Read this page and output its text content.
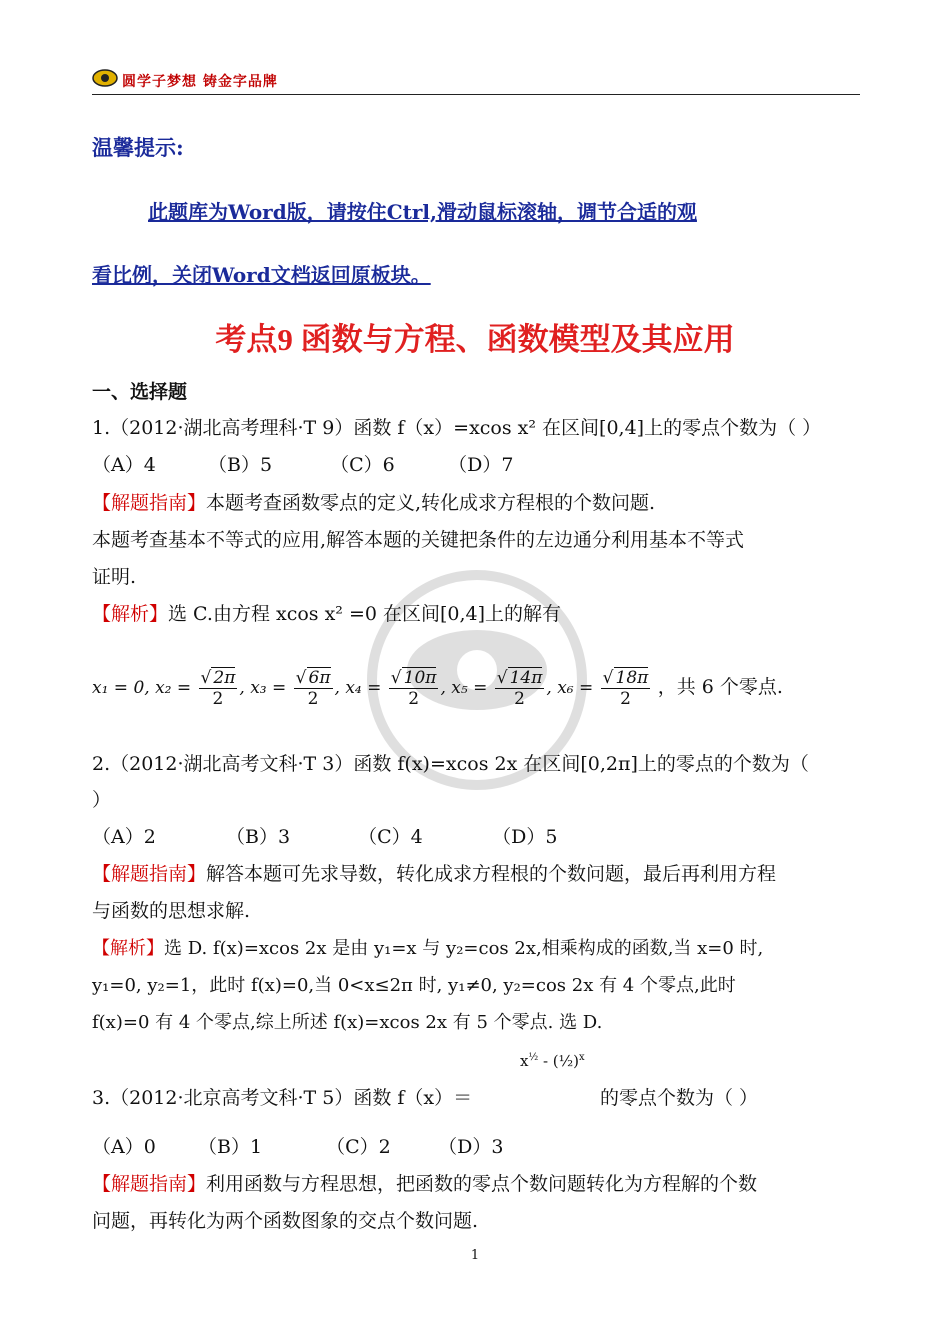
圆学子梦想 铸金字品牌
温馨提示:
此题库为Word版，请按住Ctrl,滑动鼠标滚轴，调节合适的观
看比例，关闭Word文档返回原板块。
考点9 函数与方程、函数模型及其应用
一、选择题
1.（2012·湖北高考理科·T 9）函数 f（x）=xcos x² 在区间[0,4]上的零点个数为（ ）
（A）4	（B）5	（C）6	（D）7
【解题指南】本题考查函数零点的定义,转化成求方程根的个数问题.
本题考查基本不等式的应用,解答本题的关键把条件的左边通分利用基本不等式
证明.
【解析】选 C.由方程 xcos x² =0 在区间[0,4]上的解有
x₁ = 0, $x_2 = \frac{√ 2\pi}{2}$ , $x_3 = \frac{√ 6\pi}{2}$ , $x_4 = \frac{√ 10\pi}{2}$ , $x_5 = \frac{√ 14\pi}{2}$ , $x_6 = \frac{√ 18\pi}{2}$ ，共 6 个零点.
2.（2012·湖北高考文科·T 3）函数 f(x)=xcos 2x 在区间[0,2π]上的零点的个数为（
）
（A）2	（B）3	（C）4	（D）5
【解题指南】解答本题可先求导数，转化成求方程根的个数问题，最后再利用方程
与函数的思想求解.
【解析】选 D. f(x)=xcos 2x 是由 y₁=x 与 y₂=cos 2x,相乘构成的函数,当 x=0 时,
y₁=0, y₂=1，此时 f(x)=0,当 0<x≤2π 时, y₁≠0, y₂=cos 2x 有 4 个零点,此时
f(x)=0 有 4 个零点,综上所述 f(x)=xcos 2x 有 5 个零点. 选 D.
3.（2012·北京高考文科·T 5）函数 f（x）＝
$x^{\frac{1}{2}}$ - (½)$^x$
的零点个数为（ ）
（A）0 （B）1	（C）2 （D）3
【解题指南】利用函数与方程思想，把函数的零点个数问题转化为方程解的个数
问题，再转化为两个函数图象的交点个数问题.
1
